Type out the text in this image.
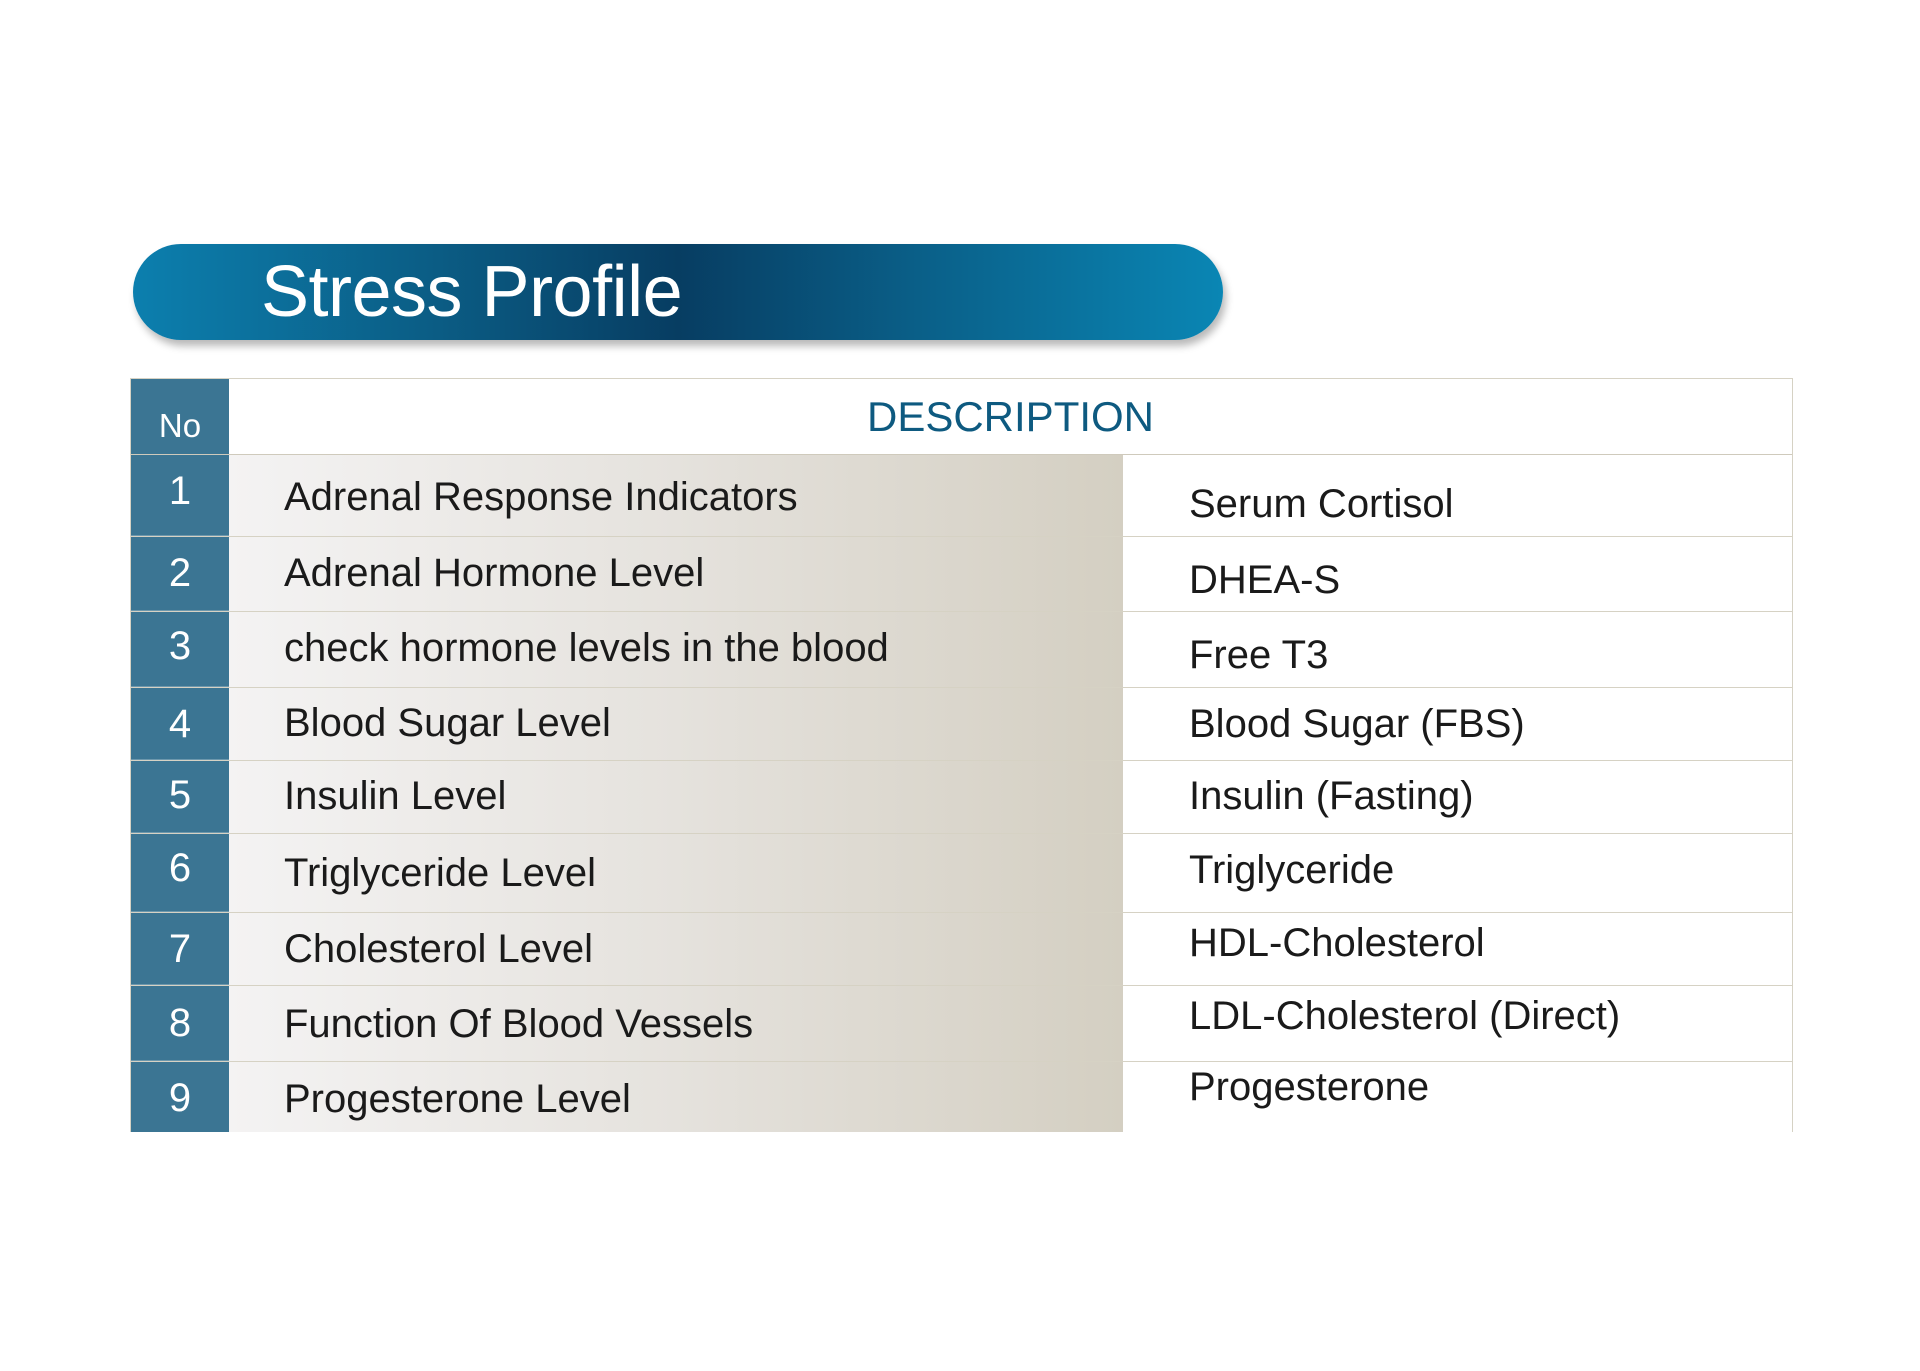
Stress Profile
No	DESCRIPTION
1	Adrenal Response Indicators	Serum Cortisol
2	Adrenal Hormone Level	DHEA-S
3	check hormone levels in the blood	Free T3
4	Blood Sugar Level	Blood Sugar (FBS)
5	Insulin Level	Insulin (Fasting)
6	Triglyceride Level	Triglyceride
7	Cholesterol Level	HDL-Cholesterol
8	Function Of Blood Vessels	LDL-Cholesterol (Direct)
9	Progesterone Level	Progesterone
